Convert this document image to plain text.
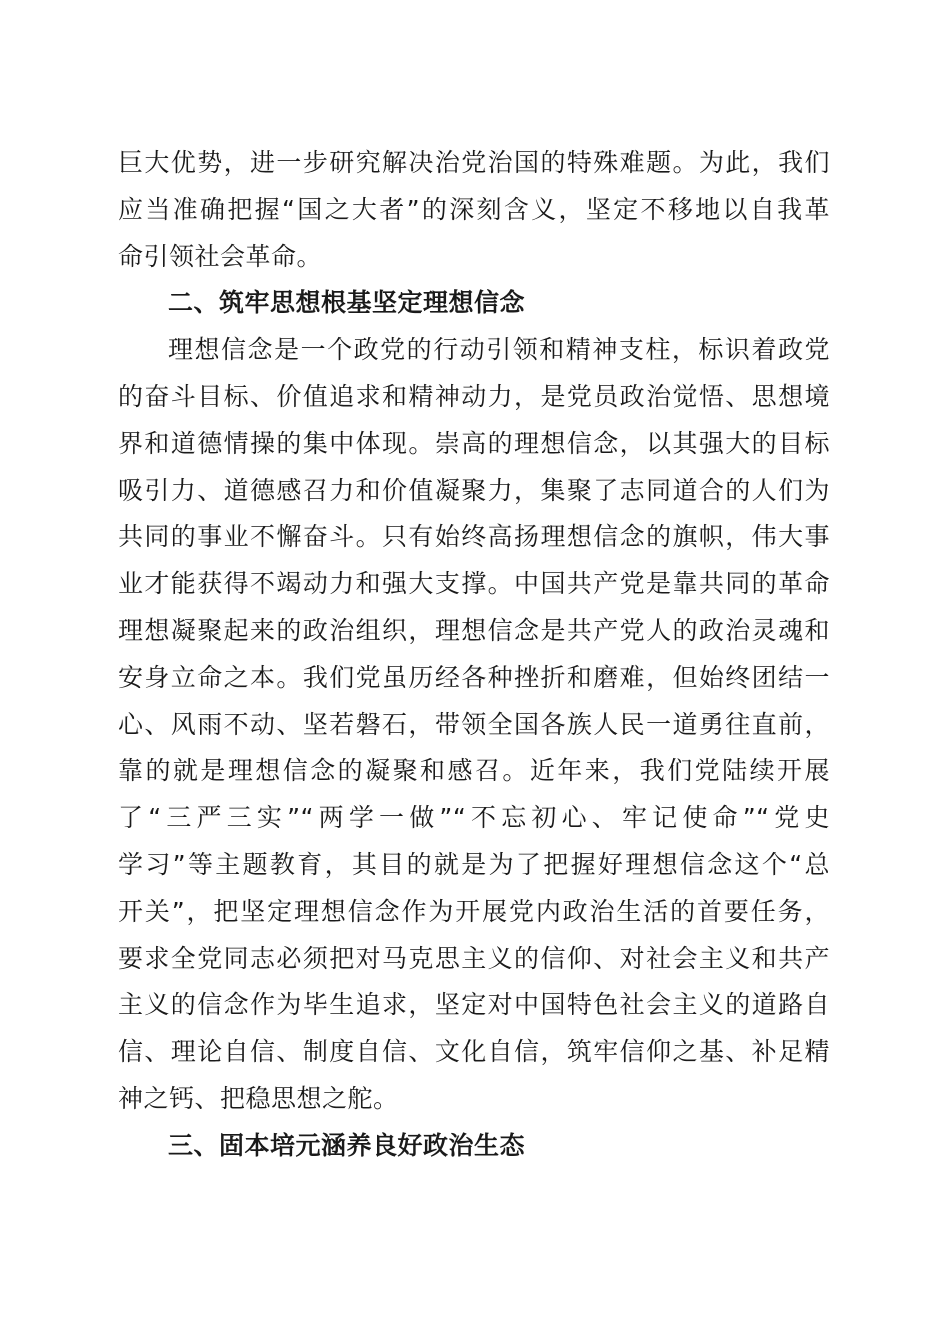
巨大优势，进一步研究解决治党治国的特殊难题。为此，我们
应当准确把握“国之大者”的深刻含义，坚定不移地以自我革
命引领社会革命。
二、筑牢思想根基坚定理想信念
理想信念是一个政党的行动引领和精神支柱，标识着政党
的奋斗目标、价值追求和精神动力，是党员政治觉悟、思想境
界和道德情操的集中体现。崇高的理想信念，以其强大的目标
吸引力、道德感召力和价值凝聚力，集聚了志同道合的人们为
共同的事业不懈奋斗。只有始终高扬理想信念的旗帜，伟大事
业才能获得不竭动力和强大支撑。中国共产党是靠共同的革命
理想凝聚起来的政治组织，理想信念是共产党人的政治灵魂和
安身立命之本。我们党虽历经各种挫折和磨难，但始终团结一
心、风雨不动、坚若磐石，带领全国各族人民一道勇往直前，
靠的就是理想信念的凝聚和感召。近年来，我们党陆续开展
了“三严三实”“两学一做”“不忘初心、牢记使命”“党史
学习”等主题教育，其目的就是为了把握好理想信念这个“总
开关”，把坚定理想信念作为开展党内政治生活的首要任务，
要求全党同志必须把对马克思主义的信仰、对社会主义和共产
主义的信念作为毕生追求，坚定对中国特色社会主义的道路自
信、理论自信、制度自信、文化自信，筑牢信仰之基、补足精
神之钙、把稳思想之舵。
三、固本培元涵养良好政治生态
